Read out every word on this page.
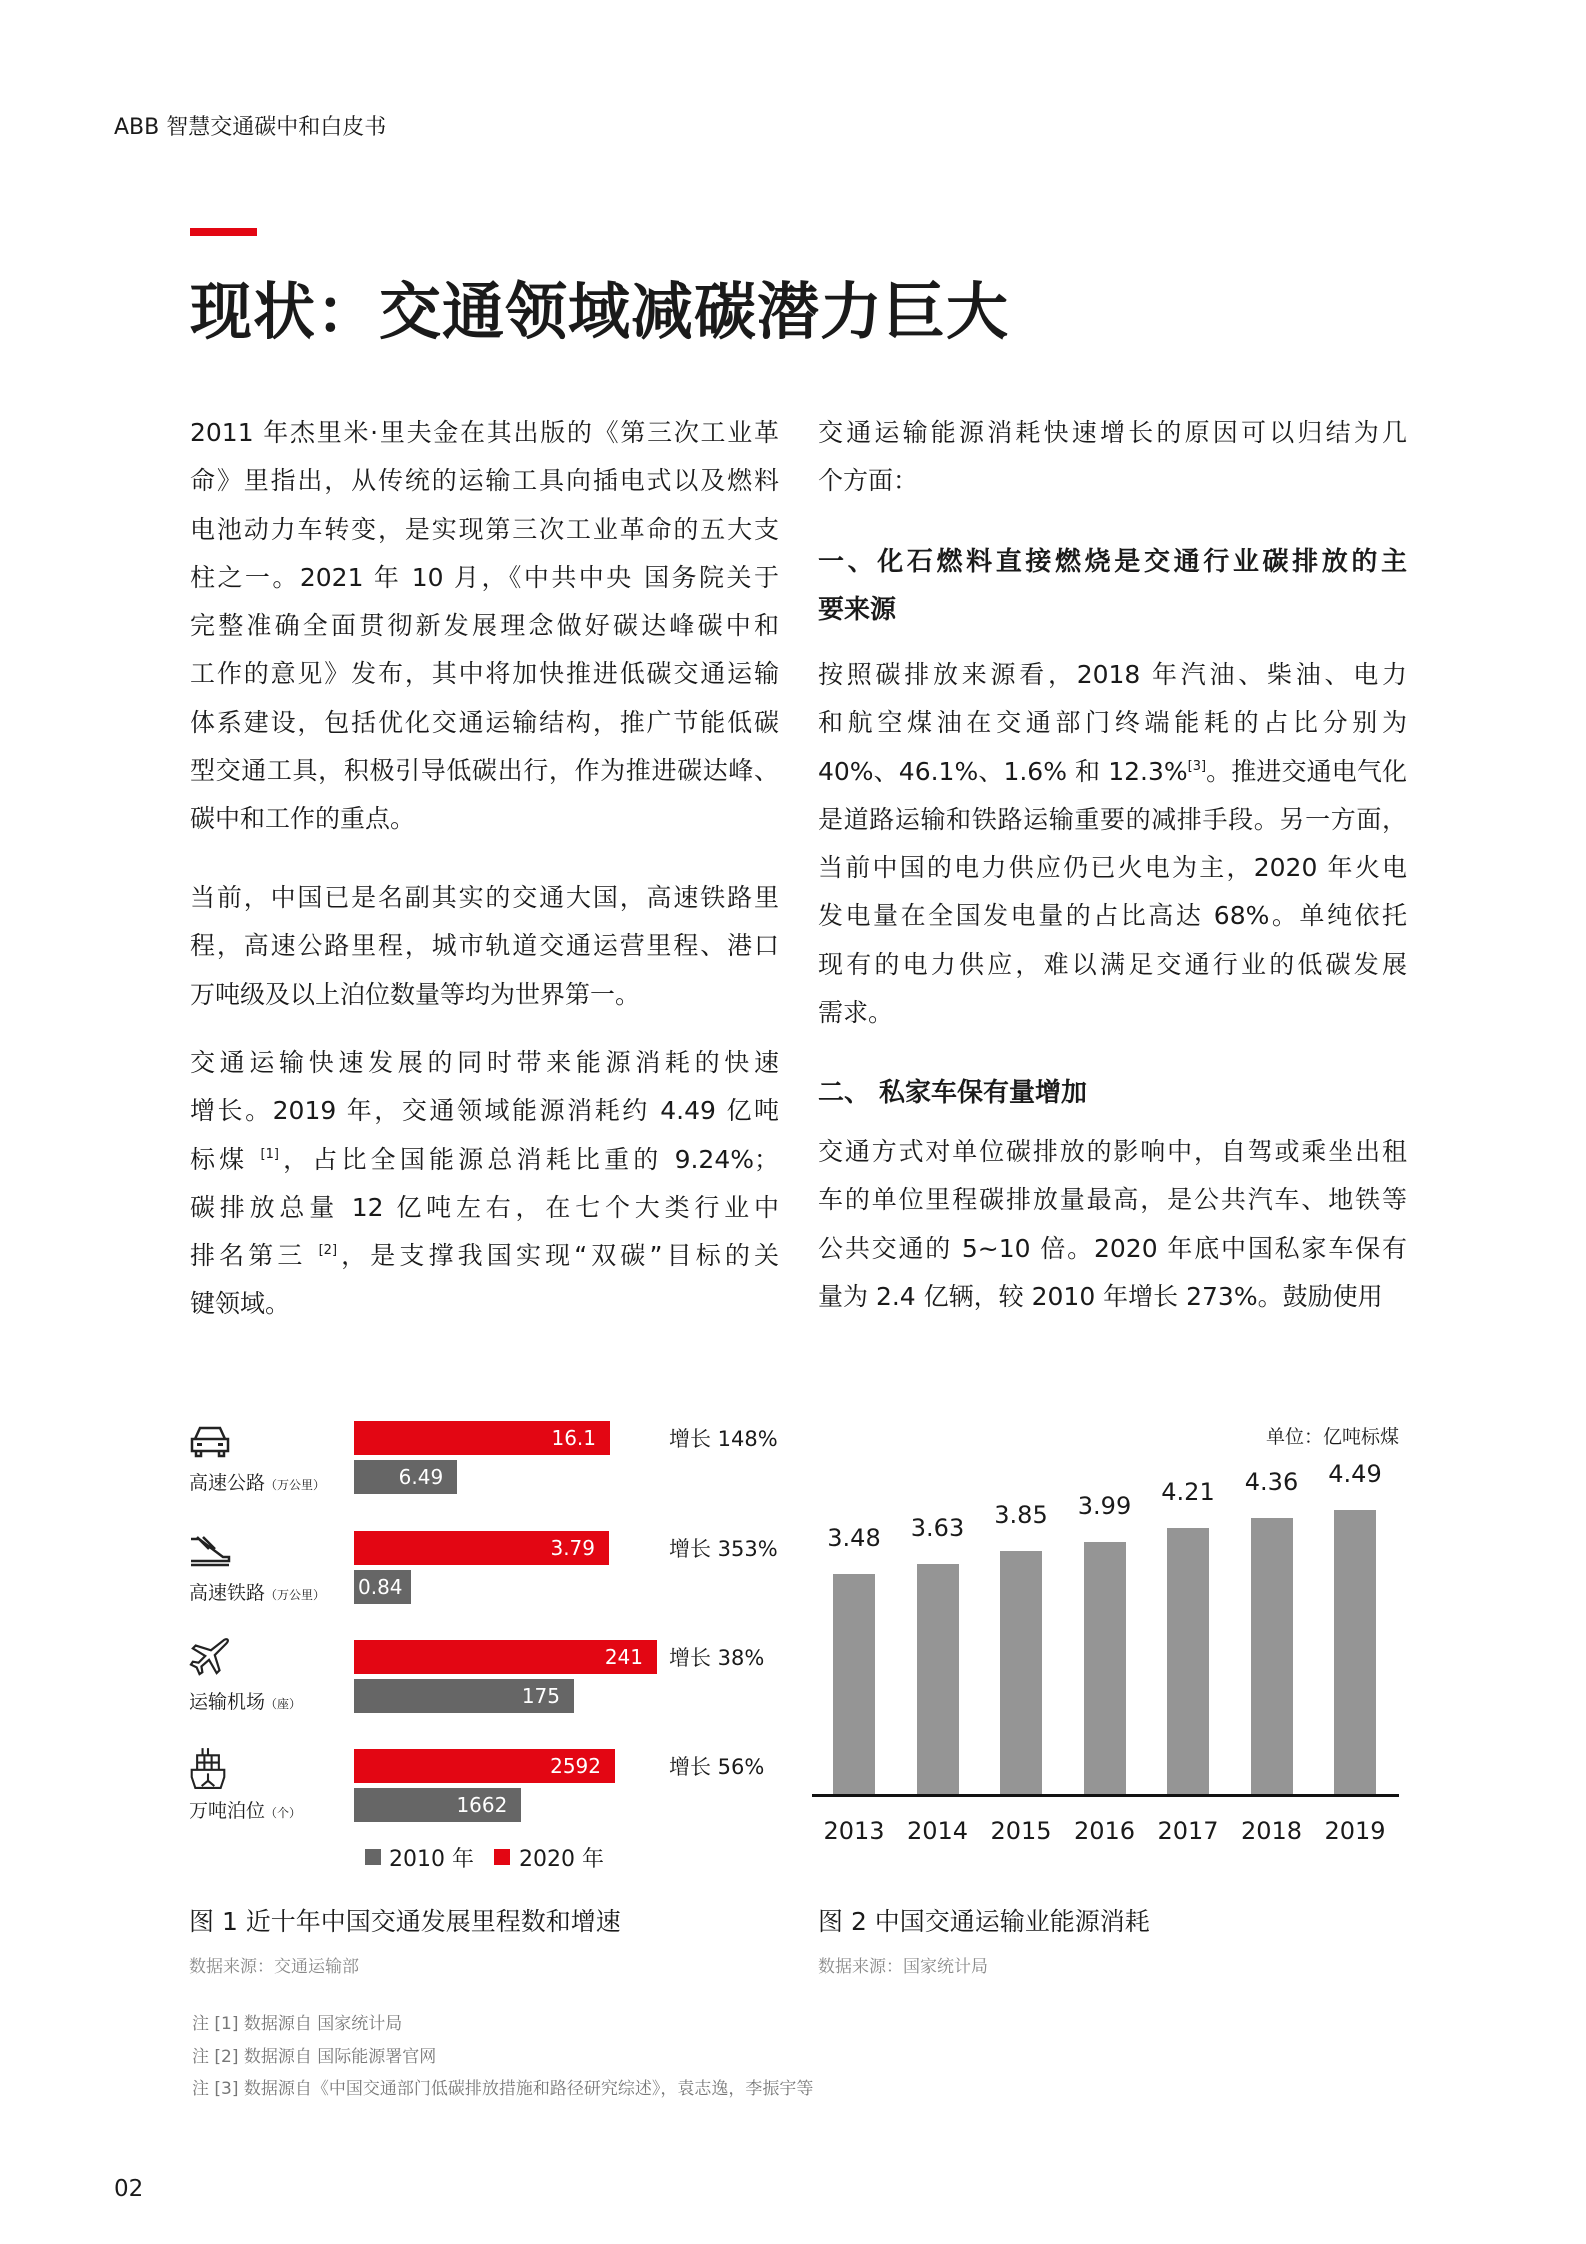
ABB 智慧交通碳中和白皮书
现状：交通领域减碳潜力巨大
2011 年杰里米·里夫金在其出版的《第三次工业革
命》里指出，从传统的运输工具向插电式以及燃料
电池动力车转变，是实现第三次工业革命的五大支
柱之一。2021 年 10 月，《中共中央 国务院关于
完整准确全面贯彻新发展理念做好碳达峰碳中和
工作的意见》发布，其中将加快推进低碳交通运输
体系建设，包括优化交通运输结构，推广节能低碳
型交通工具，积极引导低碳出行，作为推进碳达峰、
碳中和工作的重点。
当前，中国已是名副其实的交通大国，高速铁路里
程，高速公路里程，城市轨道交通运营里程、港口
万吨级及以上泊位数量等均为世界第一。
交通运输快速发展的同时带来能源消耗的快速
增长。2019 年，交通领域能源消耗约 4.49 亿吨
标煤 [1]，占比全国能源总消耗比重的 9.24%；
碳排放总量 12 亿吨左右，在七个大类行业中
排名第三 [2]，是支撑我国实现“双碳”目标的关
键领域。
交通运输能源消耗快速增长的原因可以归结为几
个方面：
一、化石燃料直接燃烧是交通行业碳排放的主
要来源
按照碳排放来源看，2018 年汽油、柴油、电力
和航空煤油在交通部门终端能耗的占比分别为
40%、46.1%、1.6% 和 12.3%[3]。推进交通电气化
是道路运输和铁路运输重要的减排手段。另一方面，
当前中国的电力供应仍已火电为主，2020 年火电
发电量在全国发电量的占比高达 68%。单纯依托
现有的电力供应，难以满足交通行业的低碳发展
需求。
二、 私家车保有量增加
交通方式对单位碳排放的影响中，自驾或乘坐出租
车的单位里程碳排放量最高，是公共汽车、地铁等
公共交通的 5~10 倍。2020 年底中国私家车保有
量为 2.4 亿辆，较 2010 年增长 273%。鼓励使用
高速公路（万公里）
增长 148%
16.1
6.49
高速铁路（万公里）
增长 353%
3.79
0.84
运输机场（座）
增长 38%
241
175
万吨泊位（个）
增长 56%
2592
1662
2010 年 2020 年
图 1 近十年中国交通发展里程数和增速
数据来源：交通运输部
单位：亿吨标煤
3.48
2013
3.63
2014
3.85
2015
3.99
2016
4.21
2017
4.36
2018
4.49
2019
图 2 中国交通运输业能源消耗
数据来源：国家统计局
注 [1] 数据源自 国家统计局
注 [2] 数据源自 国际能源署官网
注 [3] 数据源自《中国交通部门低碳排放措施和路径研究综述》，袁志逸，李振宇等
02
